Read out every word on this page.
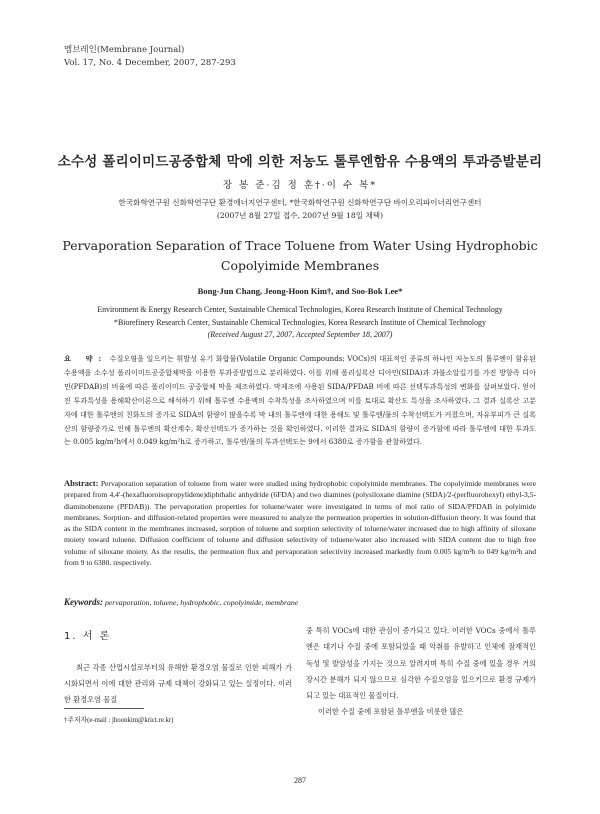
멤브레인(Membrane Journal)
Vol. 17, No. 4 December, 2007, 287-293
소수성 폴리이미드공중합체 막에 의한 저농도 톨루엔함유 수용액의 투과증발분리
장 봉 준·김 정 훈†·이 수 복*
한국화학연구원 신화학연구단 환경에너지연구센터, *한국화학연구원 신화학연구단 바이오리파이너리연구센터
(2007년 8월 27일 접수, 2007년 9월 18일 채택)
Pervaporation Separation of Trace Toluene from Water Using Hydrophobic
Copolyimide Membranes
Bong-Jun Chang, Jeong-Hoon Kim†, and Soo-Bok Lee*
Environment & Energy Research Center, Sustainable Chemical Technologies, Korea Research Institute of Chemical Technology
*Biorefinery Research Center, Sustainable Chemical Technologies, Korea Research Institute of Chemical Technology
(Received August 27, 2007, Accepted September 18, 2007)
요 약: 수질오염을 일으키는 휘발성 유기 화합물(Volatile Organic Compounds; VOCs)의 대표적인 종류의 하나인 저농도의 톨루엔이 함유된 수용액을 소수성 폴리이미드공중합체막을 이용한 투과증발법으로 분리하였다. 이를 위해 폴리실록산 디아민(SIDA)과 과불소알킬기를 가진 방향족 디아민(PFDAB)의 비율에 따른 폴리이미드 공중합체 막을 제조하였다. 막제조에 사용된 SIDA/PFDAB 비에 따른 선택투과특성의 변화를 살펴보았다. 얻어진 투과특성을 용해확산이론으로 해석하기 위해 톨루엔 수용액의 수착특성을 조사하였으며 이를 토대로 확산도 특성을 조사하였다. 그 결과 실록산 고분자에 대한 톨루엔의 친화도의 증가로 SIDA의 함량이 많을수록 막 내의 톨루엔에 대한 용해도 및 톨루엔/물의 수착선택도가 커졌으며, 자유부피가 큰 실록산의 함량증가로 인해 톨루엔의 확산계수, 확산선택도가 증가하는 것을 확인하였다. 이러한 결과로 SIDA의 함량이 증가함에 따라 톨루엔에 대한 투과도는 0.005 kg/m²h에서 0.049 kg/m²h로 증가하고, 톨루엔/물의 투과선택도는 9에서 6380로 증가함을 관찰하였다.
Abstract: Pervaporation separation of toluene from water were studied using hydrophobic copolyimide membranes. The copolyimide membranes were prepared from 4,4'-(hexafluoroisopropylidene)diphthalic anhydride (6FDA) and two diamines (polysiloxane diamine (SIDA)/2-(perfluorohexyl) ethyl-3,5-diaminobenzene (PFDAB)). The pervaporation properties for toluene/water were investigated in terms of mol ratio of SIDA/PFDAB in polyimide membranes. Sorption- and diffusion-related properties were measured to analyze the permeation properties in solution-diffusion theory. It was found that as the SIDA content in the membranes increased, sorption of toluene and sorption selectivity of toluene/water increased due to high affinity of siloxane moiety toward toluene. Diffusion coefficient of toluene and diffusion selectivity of toluene/water also increased with SIDA content due to high free volume of siloxane moiety. As the results, the permeation flux and pervaporation selectivity increased markedly from 0.005 kg/m²h to 049 kg/m²h and from 9 to 6380, respectively.
Keywords: pervaporation, toluene, hydrophobic, copolyimide, membrane
1. 서 론
최근 각종 산업시설로부터의 유해한 환경오염 물질로 인한 피해가 가시화되면서 이에 대한 관리와 규제 대책이 강화되고 있는 실정이다. 이러한 환경오염 물질
†주저자(e-mail : jhoonkim@krict.re.kr)
중 특히 VOCs에 대한 관심이 증가되고 있다. 이러한 VOCs 중에서 톨루엔은 대기나 수질 중에 포함되었을 때 악취를 유발하고 인체에 잠재적인 독성 및 발암성을 가지는 것으로 알려지며 특히 수질 중에 있을 경우 거의 장시간 분해가 되지 않으므로 심각한 수질오염을 일으키므로 환경 규제가 되고 있는 대표적인 물질이다.
이러한 수질 중에 포함된 톨루엔을 비롯한 많은
287
